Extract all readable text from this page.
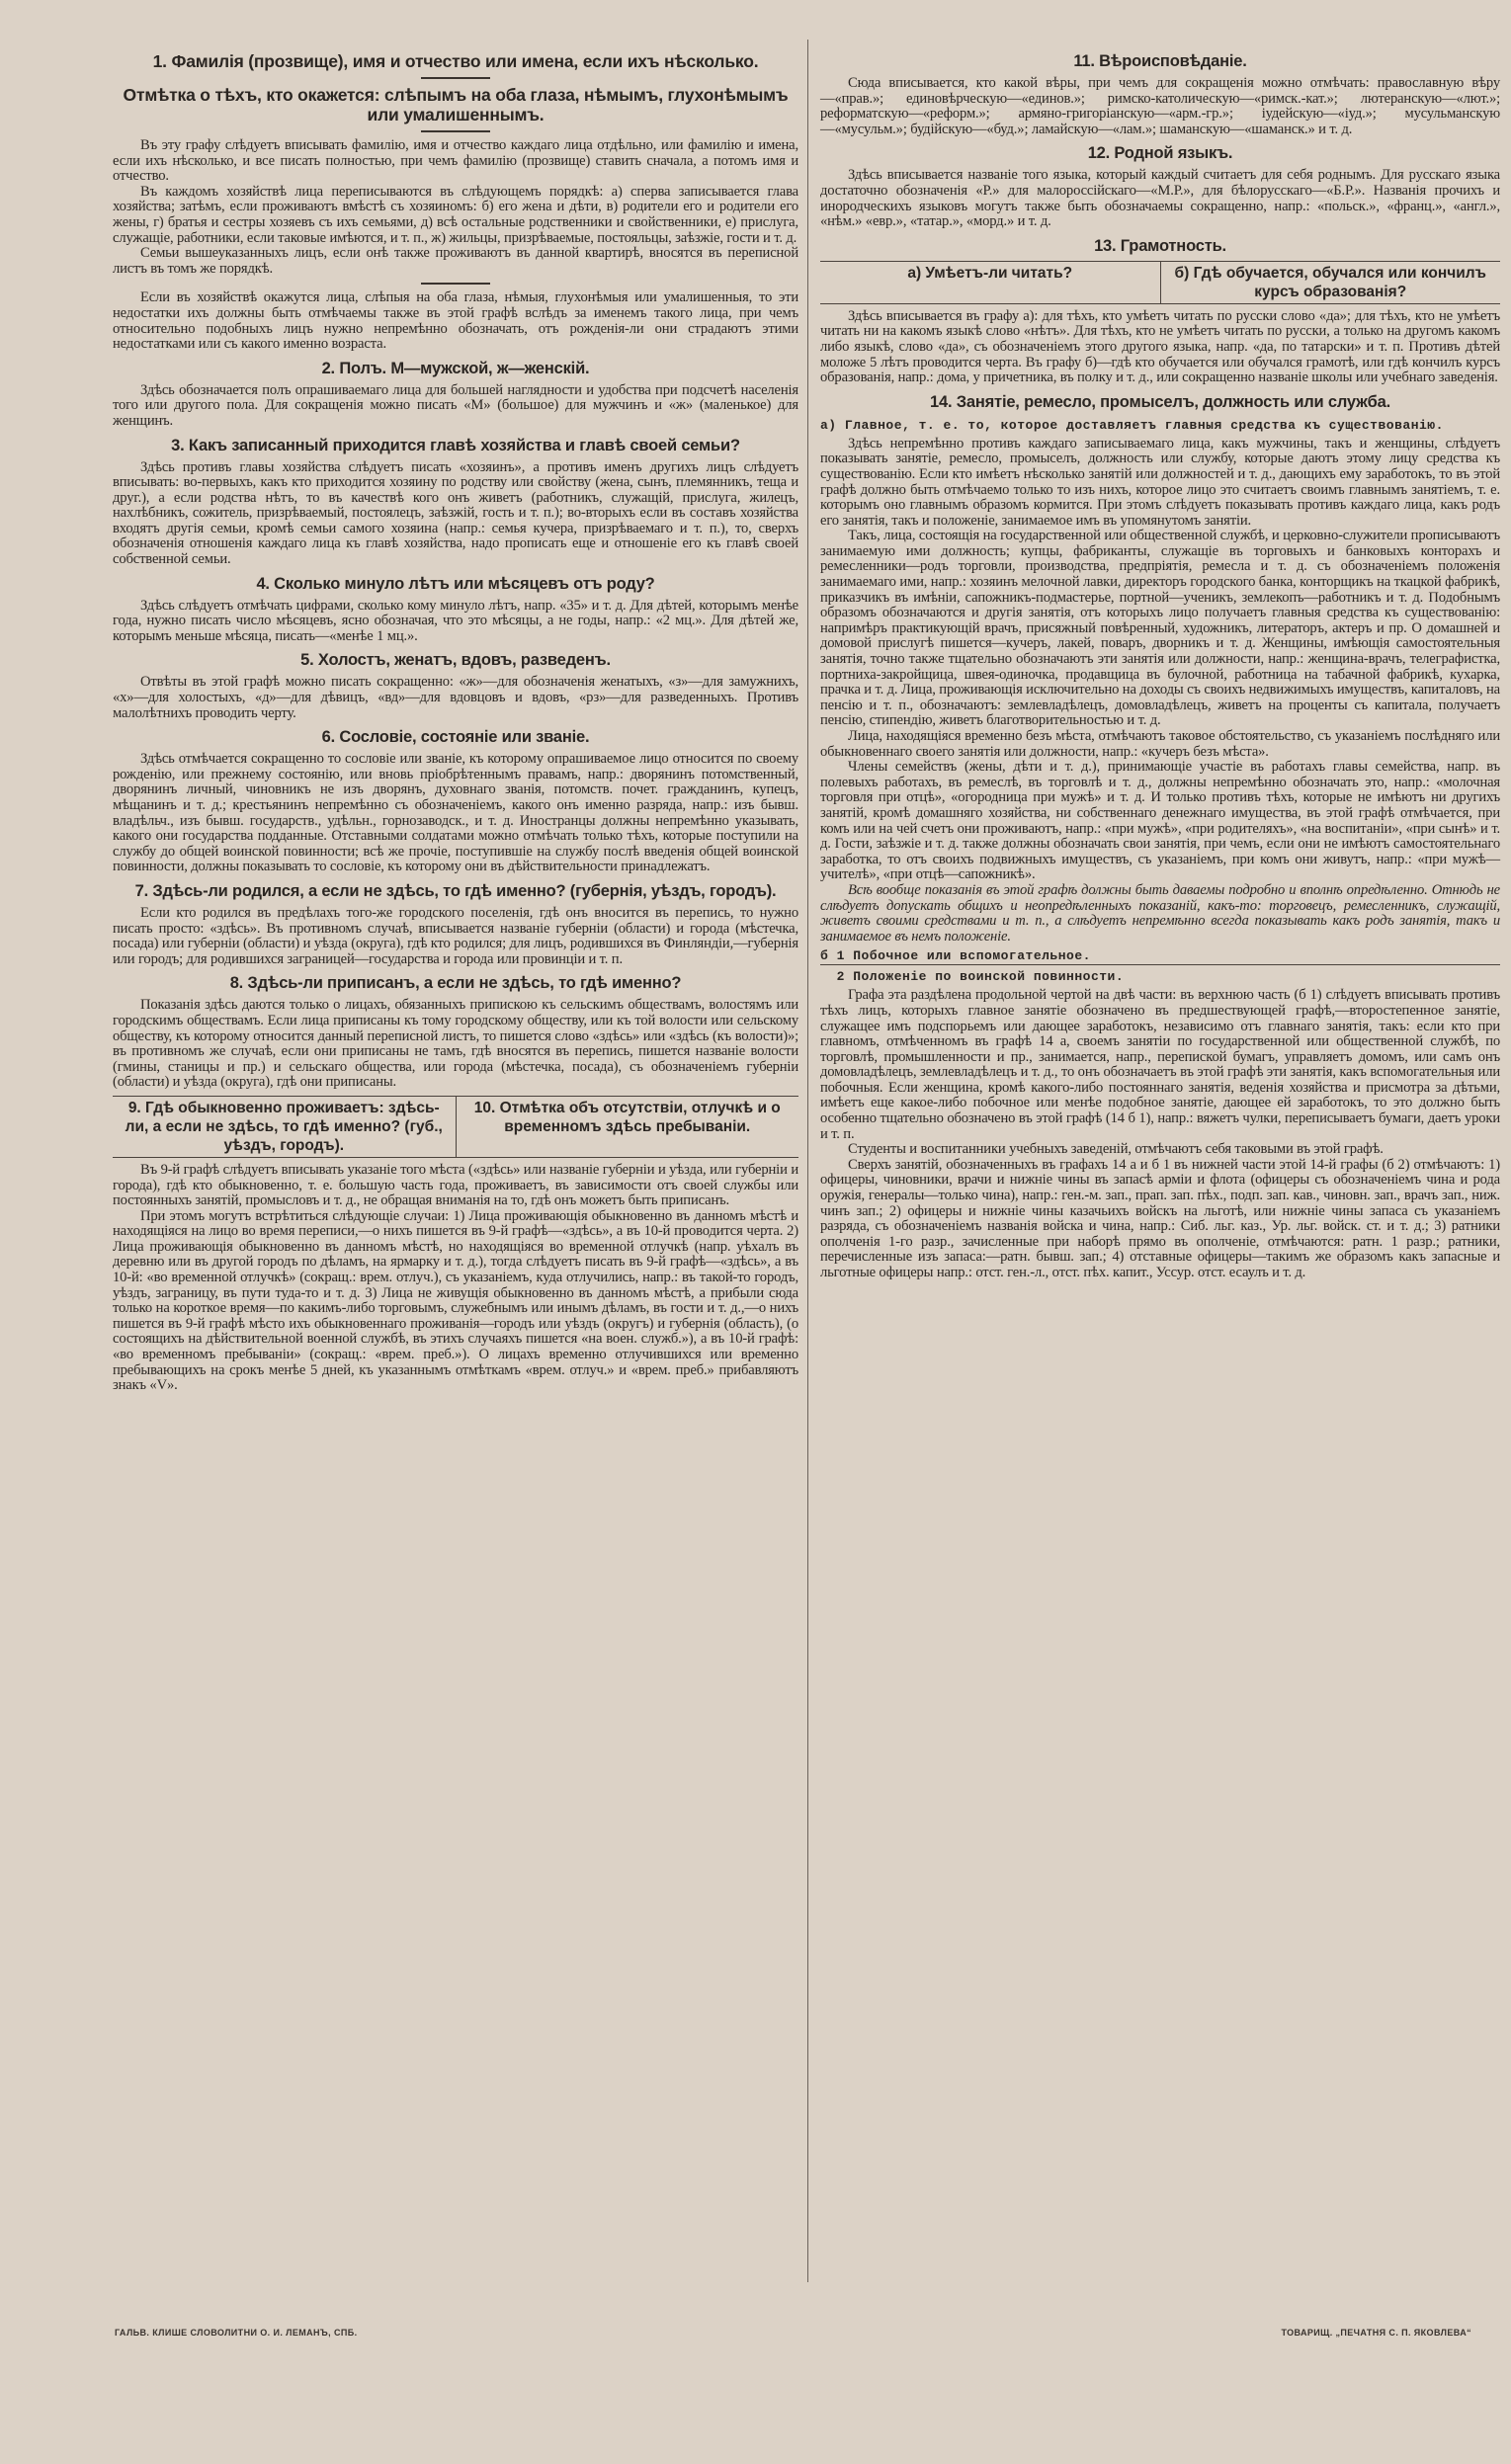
1. Фамилія (прозвище), имя и отчество или имена, если ихъ нѣсколько.
Отмѣтка о тѣхъ, кто окажется: слѣпымъ на оба глаза, нѣмымъ, глухонѣмымъ или умалишеннымъ.
Въ эту графу слѣдуетъ вписывать фамилію, имя и отчество каждаго лица отдѣльно, или фамилію и имена, если ихъ нѣсколько, и все писать полностью, при чемъ фамилію (прозвище) ставить сначала, а потомъ имя и отчество.
Въ каждомъ хозяйствѣ лица переписываются въ слѣдующемъ порядкѣ: а) сперва записывается глава хозяйства; затѣмъ, если проживаютъ вмѣстѣ съ хозяиномъ: б) его жена и дѣти, в) родители его и родители его жены, г) братья и сестры хозяевъ съ ихъ семьями, д) всѣ остальные родственники и свойственники, е) прислуга, служащіе, работники, если таковые имѣются, и т. п., ж) жильцы, призрѣваемые, постояльцы, заѣзжіе, гости и т. д.
Семьи вышеуказанныхъ лицъ, если онѣ также проживаютъ въ данной квартирѣ, вносятся въ переписной листъ въ томъ же порядкѣ.
Если въ хозяйствѣ окажутся лица, слѣпыя на оба глаза, нѣмыя, глухонѣмыя или умалишенныя, то эти недостатки ихъ должны быть отмѣчаемы также въ этой графѣ вслѣдъ за именемъ такого лица, при чемъ относительно подобныхъ лицъ нужно непремѣнно обозначать, отъ рожденія-ли они страдаютъ этими недостатками или съ какого именно возраста.
2. Полъ. М—мужской, ж—женскій.
Здѣсь обозначается полъ опрашиваемаго лица для большей наглядности и удобства при подсчетѣ населенія того или другого пола. Для сокращенія можно писать «М» (большое) для мужчинъ и «ж» (маленькое) для женщинъ.
3. Какъ записанный приходится главѣ хозяйства и главѣ своей семьи?
Здѣсь противъ главы хозяйства слѣдуетъ писать «хозяинъ», а противъ именъ другихъ лицъ слѣдуетъ вписывать: во-первыхъ, какъ кто приходится хозяину по родству или свойству (жена, сынъ, племянникъ, теща и друг.), а если родства нѣтъ, то въ качествѣ кого онъ живетъ (работникъ, служащій, прислуга, жилецъ, нахлѣбникъ, сожитель, призрѣваемый, постоялецъ, заѣзжій, гость и т. п.); во-вторыхъ если въ составъ хозяйства входятъ другія семьи, кромѣ семьи самого хозяина (напр.: семья кучера, призрѣваемаго и т. п.), то, сверхъ обозначенія отношенія каждаго лица къ главѣ хозяйства, надо прописать еще и отношеніе его къ главѣ своей собственной семьи.
4. Сколько минуло лѣтъ или мѣсяцевъ отъ роду?
Здѣсь слѣдуетъ отмѣчать цифрами, сколько кому минуло лѣтъ, напр. «35» и т. д. Для дѣтей, которымъ менѣе года, нужно писать число мѣсяцевъ, ясно обозначая, что это мѣсяцы, а не годы, напр.: «2 мц.». Для дѣтей же, которымъ меньше мѣсяца, писать—«менѣе 1 мц.».
5. Холостъ, женатъ, вдовъ, разведенъ.
Отвѣты въ этой графѣ можно писать сокращенно: «ж»—для обозначенія женатыхъ, «з»—для замужнихъ, «х»—для холостыхъ, «д»—для дѣвицъ, «вд»—для вдовцовъ и вдовъ, «рз»—для разведенныхъ. Противъ малолѣтнихъ проводить черту.
6. Сословіе, состояніе или званіе.
Здѣсь отмѣчается сокращенно то сословіе или званіе, къ которому опрашиваемое лицо относится по своему рожденію, или прежнему состоянію, или вновь пріобрѣтеннымъ правамъ, напр.: дворянинъ потомственный, дворянинъ личный, чиновникъ не изъ дворянъ, духовнаго званія, потомств. почет. гражданинъ, купецъ, мѣщанинъ и т. д.; крестьянинъ непремѣнно съ обозначеніемъ, какого онъ именно разряда, напр.: изъ бывш. владѣльч., изъ бывш. государств., удѣльн., горнозаводск., и т. д. Иностранцы должны непремѣнно указывать, какого они государства подданные. Отставными солдатами можно отмѣчать только тѣхъ, которые поступили на службу до общей воинской повинности; всѣ же прочіе, поступившіе на службу послѣ введенія общей воинской повинности, должны показывать то сословіе, къ которому они въ дѣйствительности принадлежатъ.
7. Здѣсь-ли родился, а если не здѣсь, то гдѣ именно? (губернія, уѣздъ, городъ).
Если кто родился въ предѣлахъ того-же городского поселенія, гдѣ онъ вносится въ перепись, то нужно писать просто: «здѣсь». Въ противномъ случаѣ, вписывается названіе губерніи (области) и города (мѣстечка, посада) или губерніи (области) и уѣзда (округа), гдѣ кто родился; для лицъ, родившихся въ Финляндіи,—губернія или городъ; для родившихся заграницей—государства и города или провинціи и т. п.
8. Здѣсь-ли приписанъ, а если не здѣсь, то гдѣ именно?
Показанія здѣсь даются только о лицахъ, обязанныхъ припискою къ сельскимъ обществамъ, волостямъ или городскимъ обществамъ. Если лица приписаны къ тому городскому обществу, или къ той волости или сельскому обществу, къ которому относится данный переписной листъ, то пишется слово «здѣсь» или «здѣсь (къ волости)»; въ противномъ же случаѣ, если они приписаны не тамъ, гдѣ вносятся въ перепись, пишется названіе волости (гмины, станицы и пр.) и сельскаго общества, или города (мѣстечка, посада), съ обозначеніемъ губерніи (области) и уѣзда (округа), гдѣ они приписаны.
9. Гдѣ обыкновенно проживаетъ: здѣсь-ли, а если не здѣсь, то гдѣ именно? (губ., уѣздъ, городъ).
10. Отмѣтка объ отсутствіи, отлучкѣ и о временномъ здѣсь пребываніи.
Въ 9-й графѣ слѣдуетъ вписывать указаніе того мѣста («здѣсь» или названіе губерніи и уѣзда, или губерніи и города), гдѣ кто обыкновенно, т. е. большую часть года, проживаетъ, въ зависимости отъ своей службы или постоянныхъ занятій, промысловъ и т. д., не обращая вниманія на то, гдѣ онъ можетъ быть приписанъ.
При этомъ могутъ встрѣтиться слѣдующіе случаи: 1) Лица проживающія обыкновенно въ данномъ мѣстѣ и находящіяся на лицо во время переписи,—о нихъ пишется въ 9-й графѣ—«здѣсь», а въ 10-й проводится черта. 2) Лица проживающія обыкновенно въ данномъ мѣстѣ, но находящіяся во временной отлучкѣ (напр. уѣхалъ въ деревню или въ другой городъ по дѣламъ, на ярмарку и т. д.), тогда слѣдуетъ писать въ 9-й графѣ—«здѣсь», а въ 10-й: «во временной отлучкѣ» (сокращ.: врем. отлуч.), съ указаніемъ, куда отлучились, напр.: въ такой-то городъ, уѣздъ, заграницу, въ пути туда-то и т. д. 3) Лица не живущія обыкновенно въ данномъ мѣстѣ, а прибыли сюда только на короткое время—по какимъ-либо торговымъ, служебнымъ или инымъ дѣламъ, въ гости и т. д.,—о нихъ пишется въ 9-й графѣ мѣсто ихъ обыкновеннаго проживанія—городъ или уѣздъ (округъ) и губернія (область), (о состоящихъ на дѣйствительной военной службѣ, въ этихъ случаяхъ пишется «на воен. служб.»), а въ 10-й графѣ: «во временномъ пребываніи» (сокращ.: «врем. преб.»). О лицахъ временно отлучившихся или временно пребывающихъ на срокъ менѣе 5 дней, къ указаннымъ отмѣткамъ «врем. отлуч.» и «врем. преб.» прибавляютъ знакъ «V».
11. Вѣроисповѣданіе.
Сюда вписывается, кто какой вѣры, при чемъ для сокращенія можно отмѣчать: православную вѣру—«прав.»; единовѣрческую—«единов.»; римско-католическую—«римск.-кат.»; лютеранскую—«лют.»; реформатскую—«реформ.»; армяно-григоріанскую—«арм.-гр.»; іудейскую—«іуд.»; мусульманскую—«мусульм.»; будійскую—«буд.»; ламайскую—«лам.»; шаманскую—«шаманск.» и т. д.
12. Родной языкъ.
Здѣсь вписывается названіе того языка, который каждый считаетъ для себя роднымъ. Для русскаго языка достаточно обозначенія «Р.» для малороссійскаго—«М.Р.», для бѣлорусскаго—«Б.Р.». Названія прочихъ и инородческихъ языковъ могутъ также быть обозначаемы сокращенно, напр.: «польск.», «франц.», «англ.», «нѣм.» «евр.», «татар.», «морд.» и т. д.
13. Грамотность.
а) Умѣетъ-ли читать?	б) Гдѣ обучается, обучался или кончилъ курсъ образованія?
Здѣсь вписывается въ графу а): для тѣхъ, кто умѣетъ читать по русски слово «да»; для тѣхъ, кто не умѣетъ читать ни на какомъ языкѣ слово «нѣтъ». Для тѣхъ, кто не умѣетъ читать по русски, а только на другомъ какомъ либо языкѣ, слово «да», съ обозначеніемъ этого другого языка, напр. «да, по татарски» и т. п. Противъ дѣтей моложе 5 лѣтъ проводится черта. Въ графу б)—гдѣ кто обучается или обучался грамотѣ, или гдѣ кончилъ курсъ образованія, напр.: дома, у причетника, въ полку и т. д., или сокращенно названіе школы или учебнаго заведенія.
14. Занятіе, ремесло, промыселъ, должность или служба.
а) Главное, т. е. то, которое доставляетъ главныя средства къ существованію.
Здѣсь непремѣнно противъ каждаго записываемаго лица, какъ мужчины, такъ и женщины, слѣдуетъ показывать занятіе, ремесло, промыселъ, должность или службу, которые даютъ этому лицу средства къ существованію. Если кто имѣетъ нѣсколько занятій или должностей и т. д., дающихъ ему заработокъ, то въ этой графѣ должно быть отмѣчаемо только то изъ нихъ, которое лицо это считаетъ своимъ главнымъ занятіемъ, т. е. которымъ оно главнымъ образомъ кормится. При этомъ слѣдуетъ показывать противъ каждаго лица, какъ родъ его занятія, такъ и положеніе, занимаемое имъ въ упомянутомъ занятіи.
Такъ, лица, состоящія на государственной или общественной службѣ, и церковно-служители прописываютъ занимаемую ими должность; купцы, фабриканты, служащіе въ торговыхъ и банковыхъ конторахъ и ремесленники—родъ торговли, производства, предпріятія, ремесла и т. д. съ обозначеніемъ положенія занимаемаго ими, напр.: хозяинъ мелочной лавки, директоръ городского банка, конторщикъ на ткацкой фабрикѣ, приказчикъ въ имѣніи, сапожникъ-подмастерье, портной—ученикъ, землекопъ—работникъ и т. д. Подобнымъ образомъ обозначаются и другія занятія, отъ которыхъ лицо получаетъ главныя средства къ существованію: напримѣръ практикующій врачъ, присяжный повѣренный, художникъ, литераторъ, актеръ и пр. О домашней и домовой прислугѣ пишется—кучеръ, лакей, поваръ, дворникъ и т. д. Женщины, имѣющія самостоятельныя занятія, точно также тщательно обозначаютъ эти занятія или должности, напр.: женщина-врачъ, телеграфистка, портниха-закройщица, швея-одиночка, продавщица въ булочной, работница на табачной фабрикѣ, кухарка, прачка и т. д. Лица, проживающія исключительно на доходы съ своихъ недвижимыхъ имуществъ, капиталовъ, на пенсію и т. п., обозначаютъ: землевладѣлецъ, домовладѣлецъ, живетъ на проценты съ капитала, получаетъ пенсію, стипендію, живетъ благотворительностью и т. д.
Лица, находящіяся временно безъ мѣста, отмѣчаютъ таковое обстоятельство, съ указаніемъ послѣдняго или обыкновеннаго своего занятія или должности, напр.: «кучеръ безъ мѣста».
Члены семействъ (жены, дѣти и т. д.), принимающіе участіе въ работахъ главы семейства, напр. въ полевыхъ работахъ, въ ремеслѣ, въ торговлѣ и т. д., должны непремѣнно обозначать это, напр.: «молочная торговля при отцѣ», «огородница при мужѣ» и т. д. И только противъ тѣхъ, которые не имѣютъ ни другихъ занятій, кромѣ домашняго хозяйства, ни собственнаго денежнаго имущества, въ этой графѣ отмѣчается, при комъ или на чей счетъ они проживаютъ, напр.: «при мужѣ», «при родителяхъ», «на воспитаніи», «при сынѣ» и т. д. Гости, заѣзжіе и т. д. также должны обозначать свои занятія, при чемъ, если они не имѣютъ самостоятельнаго заработка, то отъ своихъ подвижныхъ имуществъ, съ указаніемъ, при комъ они живутъ, напр.: «при мужѣ—учителѣ», «при отцѣ—сапожникѣ».
Всѣ вообще показанія въ этой графѣ должны быть даваемы подробно и вполнѣ опредѣленно. Отнюдь не слѣдуетъ допускать общихъ и неопредѣленныхъ показаній, какъ-то: торговецъ, ремесленникъ, служащій, живетъ своими средствами и т. п., а слѣдуетъ непремѣнно всегда показывать какъ родъ занятія, такъ и занимаемое въ немъ положеніе.
б 1 Побочное или вспомогательное.
2 Положеніе по воинской повинности.
Графа эта раздѣлена продольной чертой на двѣ части: въ верхнюю часть (б 1) слѣдуетъ вписывать противъ тѣхъ лицъ, которыхъ главное занятіе обозначено въ предшествующей графѣ,—второстепенное занятіе, служащее имъ подспорьемъ или дающее заработокъ, независимо отъ главнаго занятія, такъ: если кто при главномъ, отмѣченномъ въ графѣ 14 а, своемъ занятіи по государственной или общественной службѣ, по торговлѣ, промышленности и пр., занимается, напр., перепиской бумагъ, управляетъ домомъ, или самъ онъ домовладѣлецъ, землевладѣлецъ и т. д., то онъ обозначаетъ въ этой графѣ эти занятія, какъ вспомогательныя или побочныя. Если женщина, кромѣ какого-либо постояннаго занятія, веденія хозяйства и присмотра за дѣтьми, имѣетъ еще какое-либо побочное или менѣе подобное занятіе, дающее ей заработокъ, то это должно быть особенно тщательно обозначено въ этой графѣ (14 б 1), напр.: вяжетъ чулки, переписываетъ бумаги, даетъ уроки и т. п.
Студенты и воспитанники учебныхъ заведеній, отмѣчаютъ себя таковыми въ этой графѣ.
Сверхъ занятій, обозначенныхъ въ графахъ 14 а и б 1 въ нижней части этой 14-й графы (б 2) отмѣчаютъ: 1) офицеры, чиновники, врачи и нижніе чины въ запасѣ арміи и флота (офицеры съ обозначеніемъ чина и рода оружія, генералы—только чина), напр.: ген.-м. зап., прап. зап. пѣх., подп. зап. кав., чиновн. зап., врачъ зап., ниж. чинъ зап.; 2) офицеры и нижніе чины казачьихъ войскъ на льготѣ, или нижніе чины запаса съ указаніемъ разряда, съ обозначеніемъ названія войска и чина, напр.: Сиб. льг. каз., Ур. льг. войск. ст. и т. д.; 3) ратники ополченія 1-го разр., зачисленные при наборѣ прямо въ ополченіе, отмѣчаются: ратн. 1 разр.; ратники, перечисленные изъ запаса:—ратн. бывш. зап.; 4) отставные офицеры—такимъ же образомъ какъ запасные и льготные офицеры напр.: отст. ген.-л., отст. пѣх. капит., Уссур. отст. есаулъ и т. д.
ГАЛЬВ. КЛИШЕ СЛОВОЛИТНИ О. И. ЛЕМАНЪ, СПБ.	ТОВАРИЩ. „ПЕЧАТНЯ С. П. ЯКОВЛЕВА“
